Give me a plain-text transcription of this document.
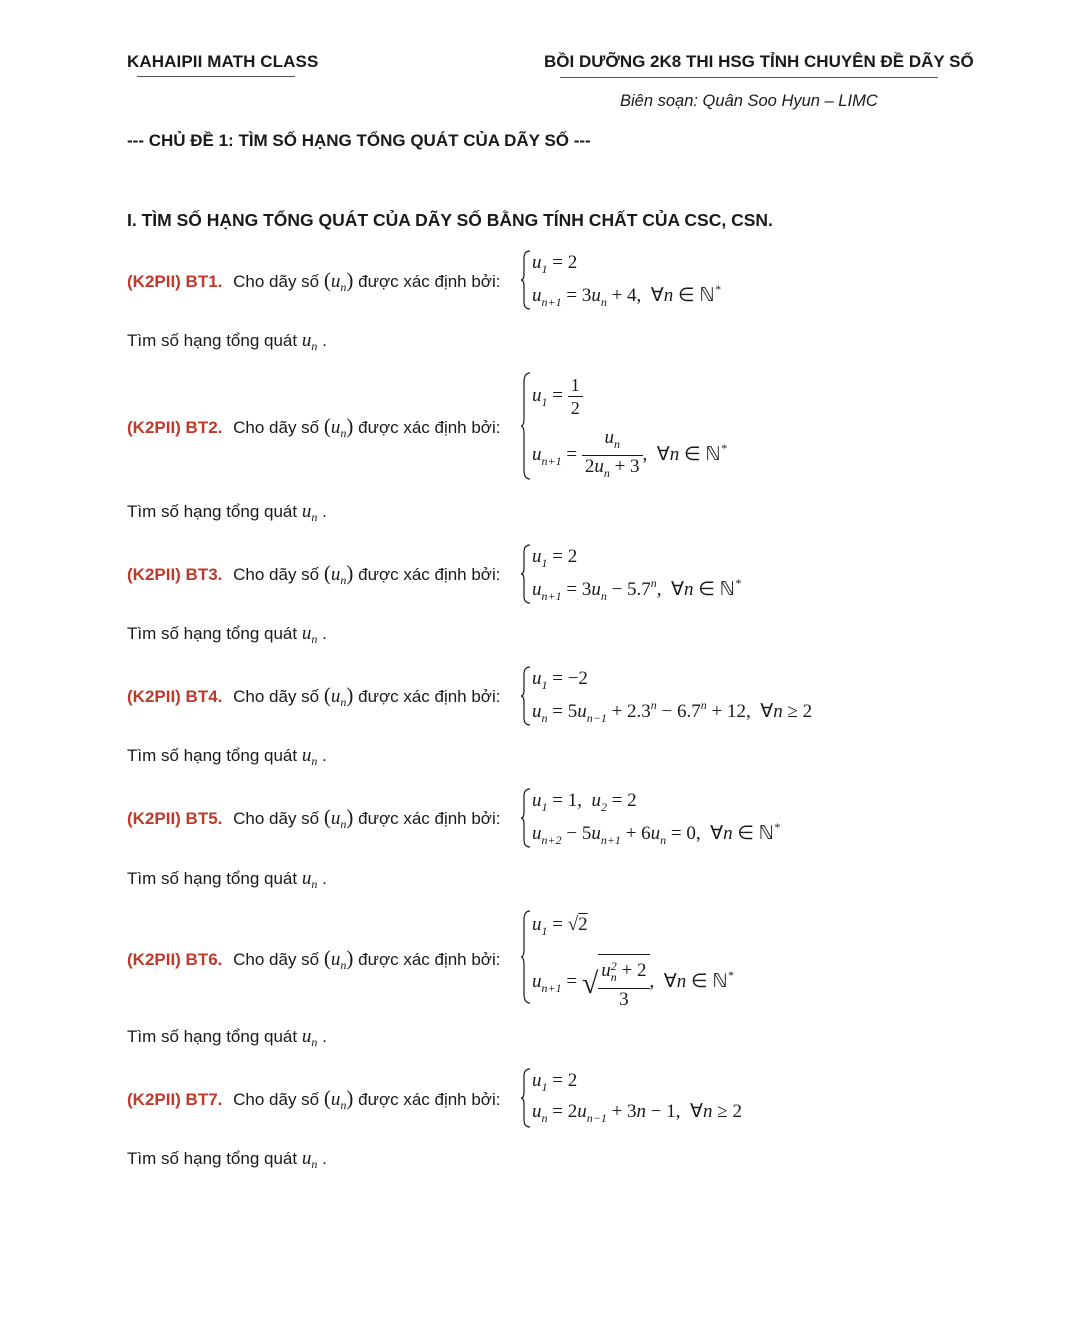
KAHAIPII MATH CLASS	BỒI DƯỠNG 2K8 THI HSG TỈNH CHUYÊN ĐỀ DÃY SỐ
Biên soạn: Quân Soo Hyun – LIMC
--- CHỦ ĐỀ 1: TÌM SỐ HẠNG TỔNG QUÁT CỦA DÃY SỐ ---
I. TÌM SỐ HẠNG TỔNG QUÁT CỦA DÃY SỐ BẰNG TÍNH CHẤT CỦA CSC, CSN.
(K2PII) BT1. Cho dãy số $(u_n)$ được xác định bởi:
$u_1 = 2$
$u_{n+1} = 3u_n + 4$,  ∀n ∈ ℕ*
Tìm số hạng tổng quát $u_n$ .
(K2PII) BT2. Cho dãy số $(u_n)$ được xác định bởi:
$u_1 = \frac{1}{2}$
$u_{n+1} = \frac{u_n}{2u_n + 3}$ ,  ∀n ∈ ℕ*
Tìm số hạng tổng quát $u_n$ .
(K2PII) BT3. Cho dãy số $(u_n)$ được xác định bởi:
$u_1 = 2$
$u_{n+1} = 3u_n - 5.7^n$,  ∀n ∈ ℕ*
Tìm số hạng tổng quát $u_n$ .
(K2PII) BT4. Cho dãy số $(u_n)$ được xác định bởi:
$u_1 = -2$
$u_n = 5u_{n-1} + 2.3^n - 6.7^n + 12$,  ∀n ≥ 2
Tìm số hạng tổng quát $u_n$ .
(K2PII) BT5. Cho dãy số $(u_n)$ được xác định bởi:
$u_1 = 1$,  $u_2 = 2$
$u_{n+2} - 5u_{n+1} + 6u_n = 0$,  ∀n ∈ ℕ*
Tìm số hạng tổng quát $u_n$ .
(K2PII) BT6. Cho dãy số $(u_n)$ được xác định bởi:
$u_1 = √2$
$u_{n+1}$ = √ $\frac{u^2_n + 2}{3}$ ,  ∀n ∈ ℕ*
Tìm số hạng tổng quát $u_n$ .
(K2PII) BT7. Cho dãy số $(u_n)$ được xác định bởi:
$u_1 = 2$
$u_n = 2u_{n-1} + 3n - 1$,  ∀n ≥ 2
Tìm số hạng tổng quát $u_n$ .
